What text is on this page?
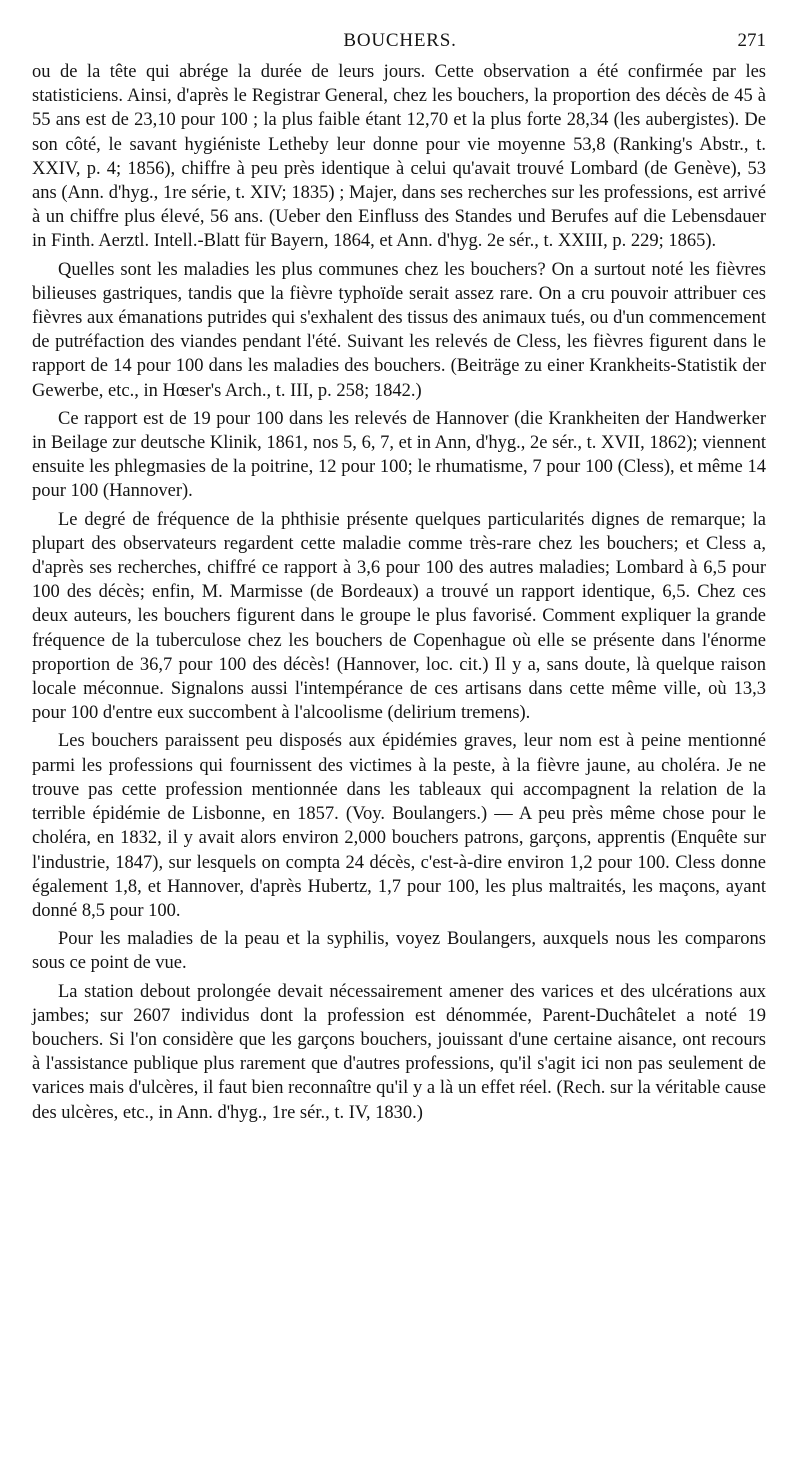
BOUCHERS.	271

ou de la tête qui abrége la durée de leurs jours. Cette observation a été confirmée par les statisticiens. Ainsi, d'après le Registrar General, chez les bouchers, la proportion des décès de 45 à 55 ans est de 23,10 pour 100 ; la plus faible étant 12,70 et la plus forte 28,34 (les aubergistes). De son côté, le savant hygiéniste Letheby leur donne pour vie moyenne 53,8 (Ranking's Abstr., t. XXIV, p. 4; 1856), chiffre à peu près identique à celui qu'avait trouvé Lombard (de Genève), 53 ans (Ann. d'hyg., 1re série, t. XIV; 1835) ; Majer, dans ses recherches sur les professions, est arrivé à un chiffre plus élevé, 56 ans. (Ueber den Einfluss des Standes und Berufes auf die Lebensdauer in Finth. Aerztl. Intell.-Blatt für Bayern, 1864, et Ann. d'hyg. 2e sér., t. XXIII, p. 229; 1865).

Quelles sont les maladies les plus communes chez les bouchers? On a surtout noté les fièvres bilieuses gastriques, tandis que la fièvre typhoïde serait assez rare. On a cru pouvoir attribuer ces fièvres aux émanations putrides qui s'exhalent des tissus des animaux tués, ou d'un commencement de putréfaction des viandes pendant l'été. Suivant les relevés de Cless, les fièvres figurent dans le rapport de 14 pour 100 dans les maladies des bouchers. (Beiträge zu einer Krankheits-Statistik der Gewerbe, etc., in Hœser's Arch., t. III, p. 258; 1842.)

Ce rapport est de 19 pour 100 dans les relevés de Hannover (die Krankheiten der Handwerker in Beilage zur deutsche Klinik, 1861, nos 5, 6, 7, et in Ann, d'hyg., 2e sér., t. XVII, 1862); viennent ensuite les phlegmasies de la poitrine, 12 pour 100; le rhumatisme, 7 pour 100 (Cless), et même 14 pour 100 (Hannover).

Le degré de fréquence de la phthisie présente quelques particularités dignes de remarque; la plupart des observateurs regardent cette maladie comme très-rare chez les bouchers; et Cless a, d'après ses recherches, chiffré ce rapport à 3,6 pour 100 des autres maladies; Lombard à 6,5 pour 100 des décès; enfin, M. Marmisse (de Bordeaux) a trouvé un rapport identique, 6,5. Chez ces deux auteurs, les bouchers figurent dans le groupe le plus favorisé. Comment expliquer la grande fréquence de la tuberculose chez les bouchers de Copenhague où elle se présente dans l'énorme proportion de 36,7 pour 100 des décès! (Hannover, loc. cit.) Il y a, sans doute, là quelque raison locale méconnue. Signalons aussi l'intempérance de ces artisans dans cette même ville, où 13,3 pour 100 d'entre eux succombent à l'alcoolisme (delirium tremens).

Les bouchers paraissent peu disposés aux épidémies graves, leur nom est à peine mentionné parmi les professions qui fournissent des victimes à la peste, à la fièvre jaune, au choléra. Je ne trouve pas cette profession mentionnée dans les tableaux qui accompagnent la relation de la terrible épidémie de Lisbonne, en 1857. (Voy. Boulangers.) — A peu près même chose pour le choléra, en 1832, il y avait alors environ 2,000 bouchers patrons, garçons, apprentis (Enquête sur l'industrie, 1847), sur lesquels on compta 24 décès, c'est-à-dire environ 1,2 pour 100. Cless donne également 1,8, et Hannover, d'après Hubertz, 1,7 pour 100, les plus maltraités, les maçons, ayant donné 8,5 pour 100.

Pour les maladies de la peau et la syphilis, voyez Boulangers, auxquels nous les comparons sous ce point de vue.

La station debout prolongée devait nécessairement amener des varices et des ulcérations aux jambes; sur 2607 individus dont la profession est dénommée, Parent-Duchâtelet a noté 19 bouchers. Si l'on considère que les garçons bouchers, jouissant d'une certaine aisance, ont recours à l'assistance publique plus rarement que d'autres professions, qu'il s'agit ici non pas seulement de varices mais d'ulcères, il faut bien reconnaître qu'il y a là un effet réel. (Rech. sur la véritable cause des ulcères, etc., in Ann. d'hyg., 1re sér., t. IV, 1830.)
